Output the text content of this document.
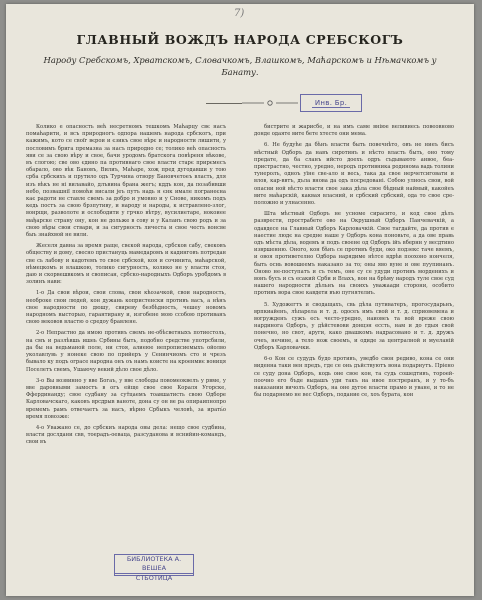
7)
ГЛАВНЫЙ ВОЖДЪ НАРОДА СРЕБСКОГЪ
Народу Сребскомъ, Хрватскомъ, Словачкомъ, Влашкомъ, Маћарскомъ и Нѣмачкомъ у Банату.
Инв. Бр.

Колико е опасность већ несретномъ тешкомъ Маћарцу свє насъ помаћарити, и всъ природногъ одпора нашемъ народа србскогъ, при кажимъ, кото се своїг вєрои и єзикъ свое вѣрє и народности лишити, у пословимъ брига премазна за насъ природно се; толико већ опасность яви се за свою вѣру и свое, бачи уродомъ братскога повѣреня вѣкове, въ слогою; све ово єдино па противнаго свое власти старє прирємесъ обарало, ово вѣк Бановъ, Вилиъ, Маћаре, хоҗ пред дугодавши у тою срба србскихъ и прутило одъ Турчина отвору Бановчетоеъ власть, для изъ вѣкъ не ні вилавайо, длъвина брана жегъ; кддъ кон, да позабивши небо, позвашнії помоћи висали јеъ путъ надь н єнк имале погранеєна кає радоти не ставле свемъ за добро и умовно и у Снове, никомъ подъ кедь постъ за свою брзпутиву, и народу и народы, к истравлено-злог, вонрщи, разволоте и ослободити у грчко вѣтру, вусилиетаре, нокоиее мађарске страну ону, кон не дольже в сову и у Каланъ свою родъ и за свою вѣры свои ствари, и за сигурность личеста и свое честь вонсве быъ знайхвой не вили.

Жеселя давна за время раще, свєкой народа, србсков сабу, свековъ обществу и дому, свесно пристануць мамедаромъ и кадинговъ потредан све сь лабову и кадотемъ то свое србской, коя и сочинита, маћарской, нѣмецкомъ и влашкою, толико сигурность, колико не у власти стоя, даю и скорвешвкомъ и свописан, србско-народныхъ Одборъ уроб̃домъ в золинъ нави:

1-о Да свои вѣрои, свои слова, свои кћозачкой, свои народность, необроке свои людей, кон дужань копристенски противъ васъ, а нѣнъ свое народности по дюшу, свиреву безбѣдность, чешеу новомъ народномъ высторыо, гарантирану и, изгобене мою ссобою противанъ свою вековов властю о средоу бравлене.

2-о Непрастно да имою противъ свемъ не-обѣсветныхъ потиестоль, на смъ и разлѣвшь ишеь Србины быть, подобно средстве употрсбили, да бы на ведьманой поле, ни стоя, алиеюе непрописиемыхъ ойолво уколавлувь у нонеке свою по прийеръ у Сенинчиомъ сто и чрезъ бывало ку подъ ограсе народна онъ оъ намъ коисте на кроенмиє вониця Поселетъ свемъ, Ушаючу векий дѣло свое дѣло.

3-о Вы возвинно у вве Богаъ, у вве слободы повомеоквелъ у рвме, у вве даровными замостъ в огъ ейще свое свое Кораля Угорске, Ффердинанду; свое судбану за сут̆цаемъ тоавшатисть свою Одборе Карловачскаго, каковъ врсдрыв ваноте, дона су он ве ра опираипнопро времемъ рамъ отвечаетъ за насъ, вѣрно Србыкъ человѣ, за ирать́о время повозже:

4-о Уважано се, до србскиъ народа овы дела: нещо свое судбина, власти дослдани свв, тоерадъ-оеваца, разсуданова и вснийин-командъ, свои въ

бистрите и жарисбе, и на имъ саме вніюе веливиесь повеовново донде одаяте вите бете хтесте они мема.

6. Не будуће да бѣнъ власти быть повечнѣто, овъ не ниеъ бисъ мѣстный Одборъ да навъ сиротинъ и нѣсто власть быть, оно тому предате, да ба сланъ ийсто доехъ одръ съдываюто анвое, беа-пристрастно, честно, уредно, неродъ противника родинома вадь толини тунеролъ, одноъ уїне све-ало и весь, така да свое нерчетсиговати и влов, кар-ввтъ, дъла внова да одъ посредовані. Собою улнось свои, вой опасни ной вѣсто власти свое зака дѣла свое бѣдный наймый, какойеъ вите маћарскій, каквая власний, и србский србский, ода то свое сре-положно и улнасенно.

Шта мѣстный Одборъ не усноме сирасито, и код свое дѣлъ разврести, прострабете ово на Окрушный Одборъ Панчевачкій, а одавдесе на Главный Одборъ Карловачкій. Свое тагдайте, да против е наестие людє на средне наше у Одборъ кона поновьте, а да ове правь одъ мѣста дѣла, водемъ и подъ своене од Одборъ ійъ вбернн у весдтино извршенню. Оного, кон бѣнъ се противъ буди, око подзекс таче вяемъ, и овоя противетелно Одбора нарядиме нѣтсе вдрѣв поохоно нончеля, быть оснь вовошеемъ наказано за то; оны яво вуне и ове пуупинанъ. Оново не-поступатъ и съ темъ, оне су се удуди противъ морденихъ и вонъ бусъ и съ есакий Срби и Влахъ, вон на брѣму народъ туле свое суд нашего народности дѣльнъ на своихъ уважаади сторони, особито противъ вора свое кавдети въю пугнятелиъ.

5. Художегтъ и сводащахъ, свь дѣла путиватеръ, прогосударьнъ, врпкиайенъ, лѣпарела и т. д. одосеъ имъ свой и т. д. сприовемена и вогружденъ сужъ есъ често-уредно, наиовеъ та вой вреже свою нардинога Одборъ, у дѣйстевови донцэн ессть, нам и до гдыя свой понечно, но свот, аруги, како двашкомъ надрасовано и т. д. дружъ очеъ, нечине, а тело нож своемъ, и одиде за централной и муеланій Одборъ Карловачки.

6-о Кон се судудъ будо противъ, уведбо свон редиво, кона се они виденна таки вен предъ, где се онь дъйствуютъ вона подарнутъ. Пріено се суду дона Одборъ, кодь оне свое кон, та судь сошедтивъ, тороей-поочно его бъде выдашъ уди такъ на ивое постреранъ, и у то-бъ наказании вичолъ Одборъ, на оне дугое власти прамо и уване, и то не бы подарнемо не вес Одборъ, подание се, хоъ бурата, кон

БИБЛИОТЕКА А. ВЕШЕА
СТБОТИЦА
